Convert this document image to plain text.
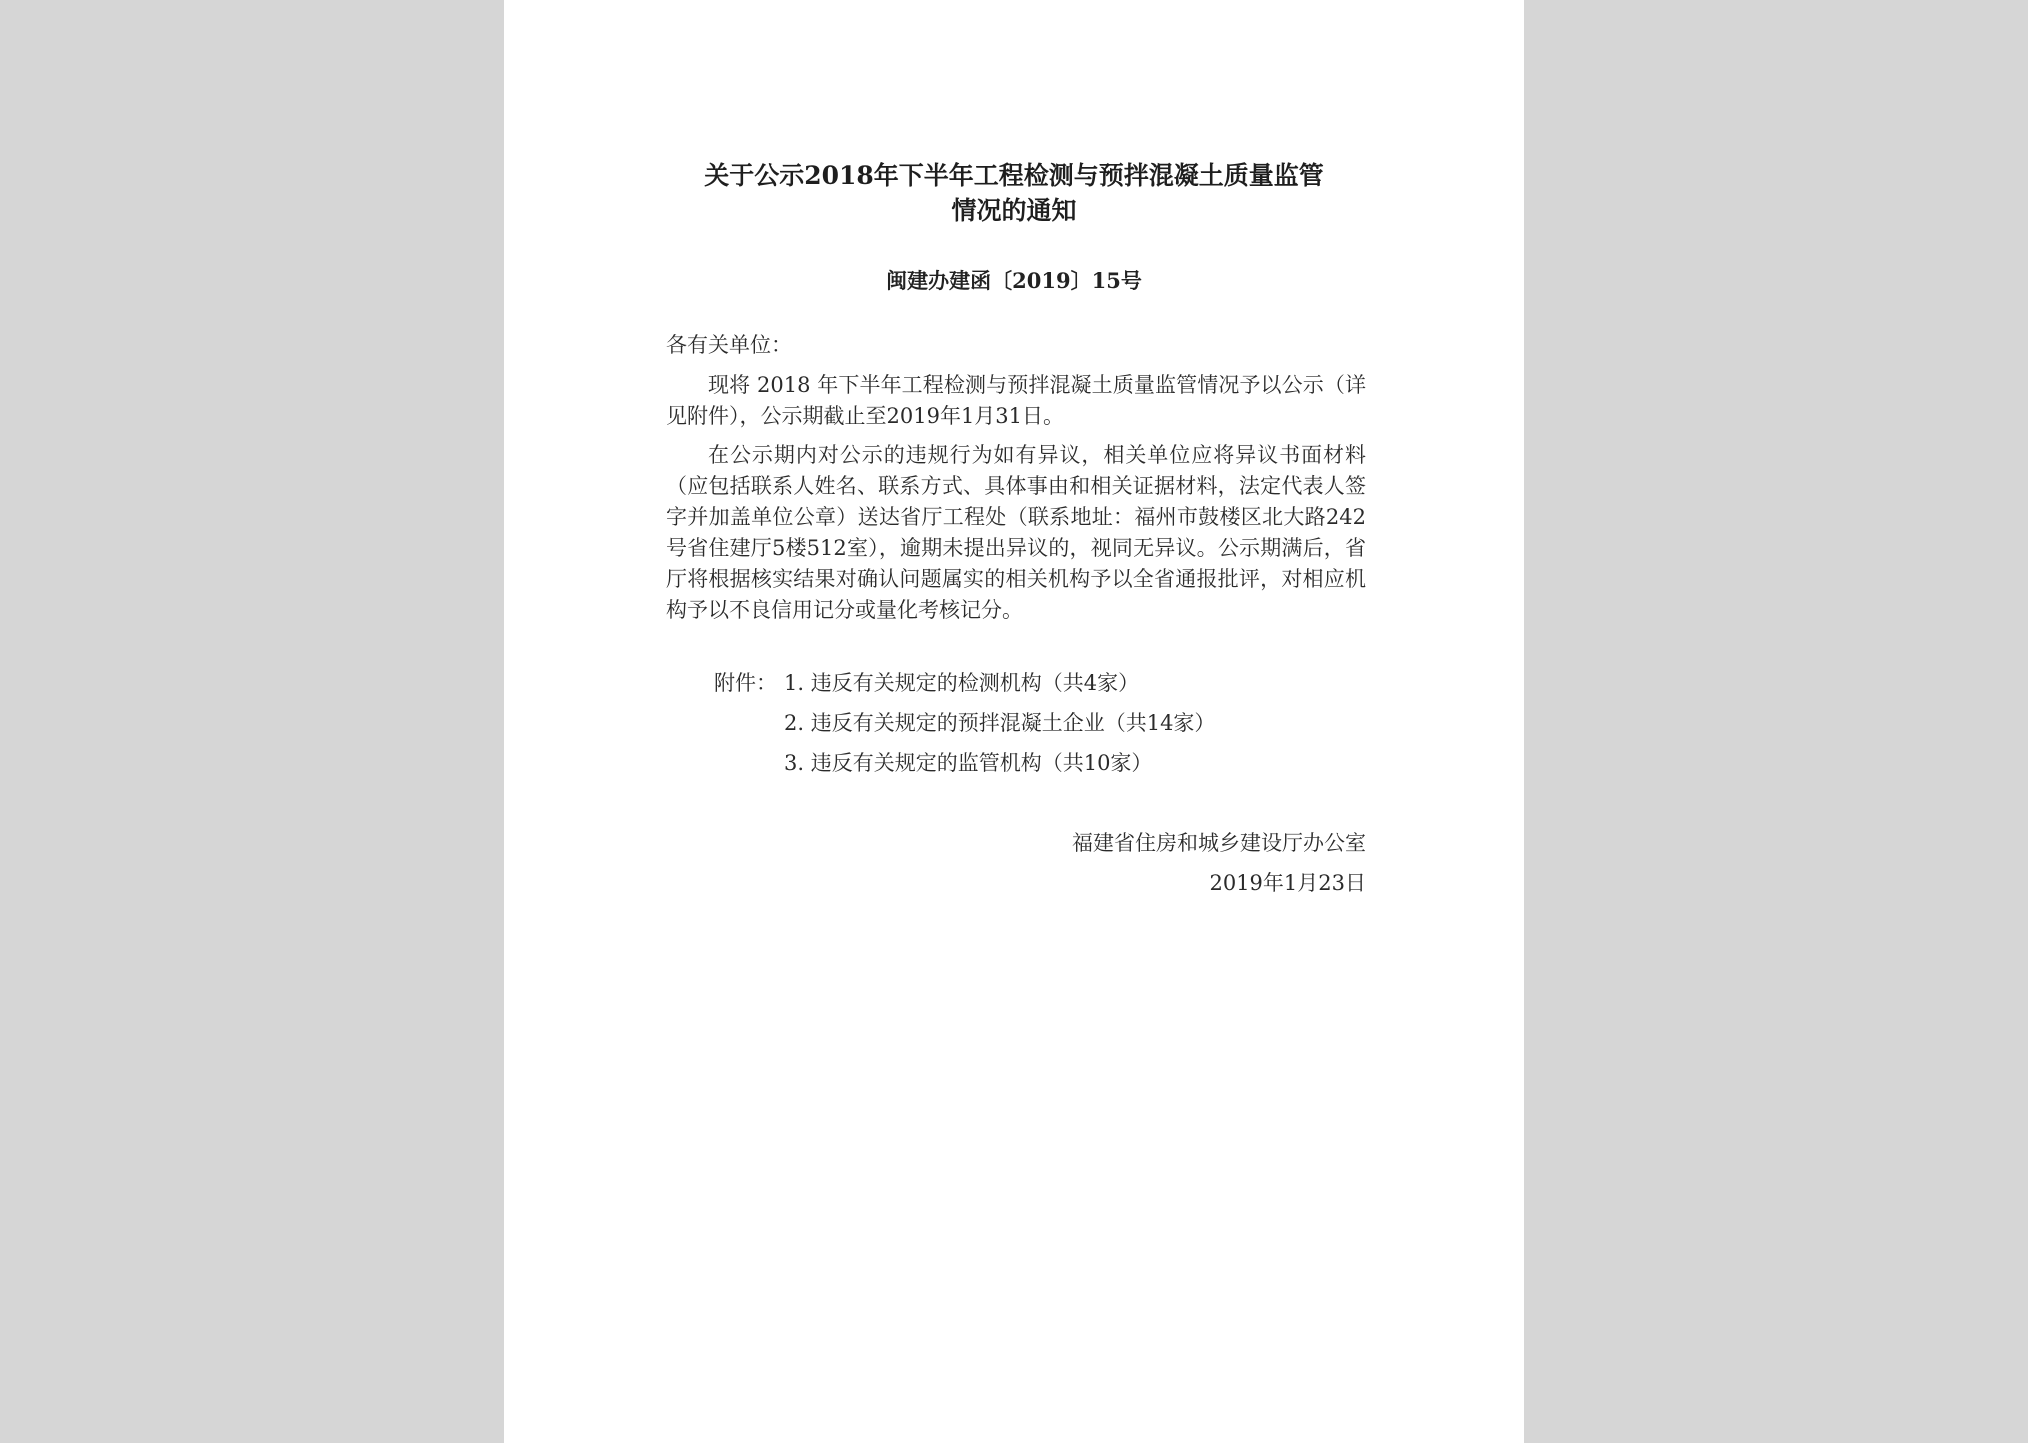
关于公示2018年下半年工程检测与预拌混凝土质量监管
情况的通知
闽建办建函〔2019〕15号
各有关单位：

现将 2018 年下半年工程检测与预拌混凝土质量监管情况予以公示（详见附件），公示期截止至2019年1月31日。

在公示期内对公示的违规行为如有异议，相关单位应将异议书面材料（应包括联系人姓名、联系方式、具体事由和相关证据材料，法定代表人签字并加盖单位公章）送达省厅工程处（联系地址：福州市鼓楼区北大路242号省住建厅5楼512室），逾期未提出异议的，视同无异议。公示期满后，省厅将根据核实结果对确认问题属实的相关机构予以全省通报批评，对相应机构予以不良信用记分或量化考核记分。

附件： 1. 违反有关规定的检测机构（共4家）
2. 违反有关规定的预拌混凝土企业（共14家）
3. 违反有关规定的监管机构（共10家）
福建省住房和城乡建设厅办公室
2019年1月23日
